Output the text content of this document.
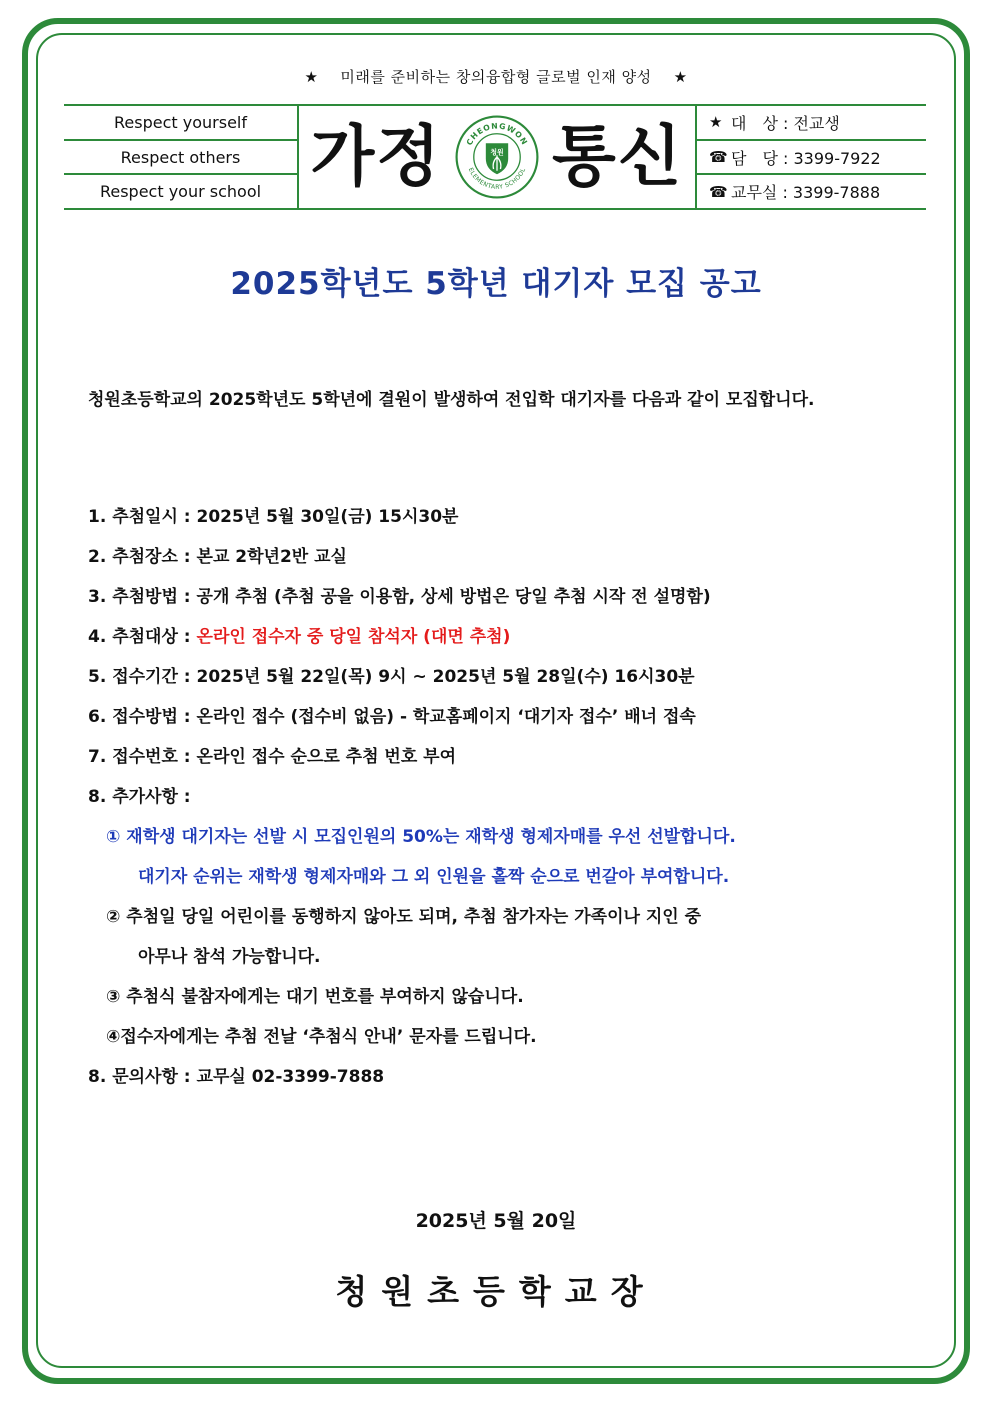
★ 미래를 준비하는 창의융합형 글로벌 인재 양성 ★
Respect yourself
Respect others
Respect your school 가정	CHEONGWON
ELEMENTARY SCHOOL
청원 통신 ★ 대　상 : 전교생
☎ 담　당 : 3399-7922
☎ 교무실 : 3399-7888
2025학년도 5학년 대기자 모집 공고
청원초등학교의 2025학년도 5학년에 결원이 발생하여 전입학 대기자를 다음과 같이 모집합니다.
1. 추첨일시 : 2025년 5월 30일(금) 15시30분
2. 추첨장소 : 본교 2학년2반 교실
3. 추첨방법 : 공개 추첨 (추첨 공을 이용함, 상세 방법은 당일 추첨 시작 전 설명함)
4. 추첨대상 : 온라인 접수자 중 당일 참석자 (대면 추첨)
5. 접수기간 : 2025년 5월 22일(목) 9시 ~ 2025년 5월 28일(수) 16시30분
6. 접수방법 : 온라인 접수 (접수비 없음) - 학교홈페이지 ‘대기자 접수’ 배너 접속
7. 접수번호 : 온라인 접수 순으로 추첨 번호 부여
8. 추가사항 :
① 재학생 대기자는 선발 시 모집인원의 50%는 재학생 형제자매를 우선 선발합니다.
대기자 순위는 재학생 형제자매와 그 외 인원을 홀짝 순으로 번갈아 부여합니다.
② 추첨일 당일 어린이를 동행하지 않아도 되며, 추첨 참가자는 가족이나 지인 중
아무나 참석 가능합니다.
③ 추첨식 불참자에게는 대기 번호를 부여하지 않습니다.
④접수자에게는 추첨 전날 ‘추첨식 안내’ 문자를 드립니다.
8. 문의사항 : 교무실 02-3399-7888
2025년 5월 20일
청원초등학교장
